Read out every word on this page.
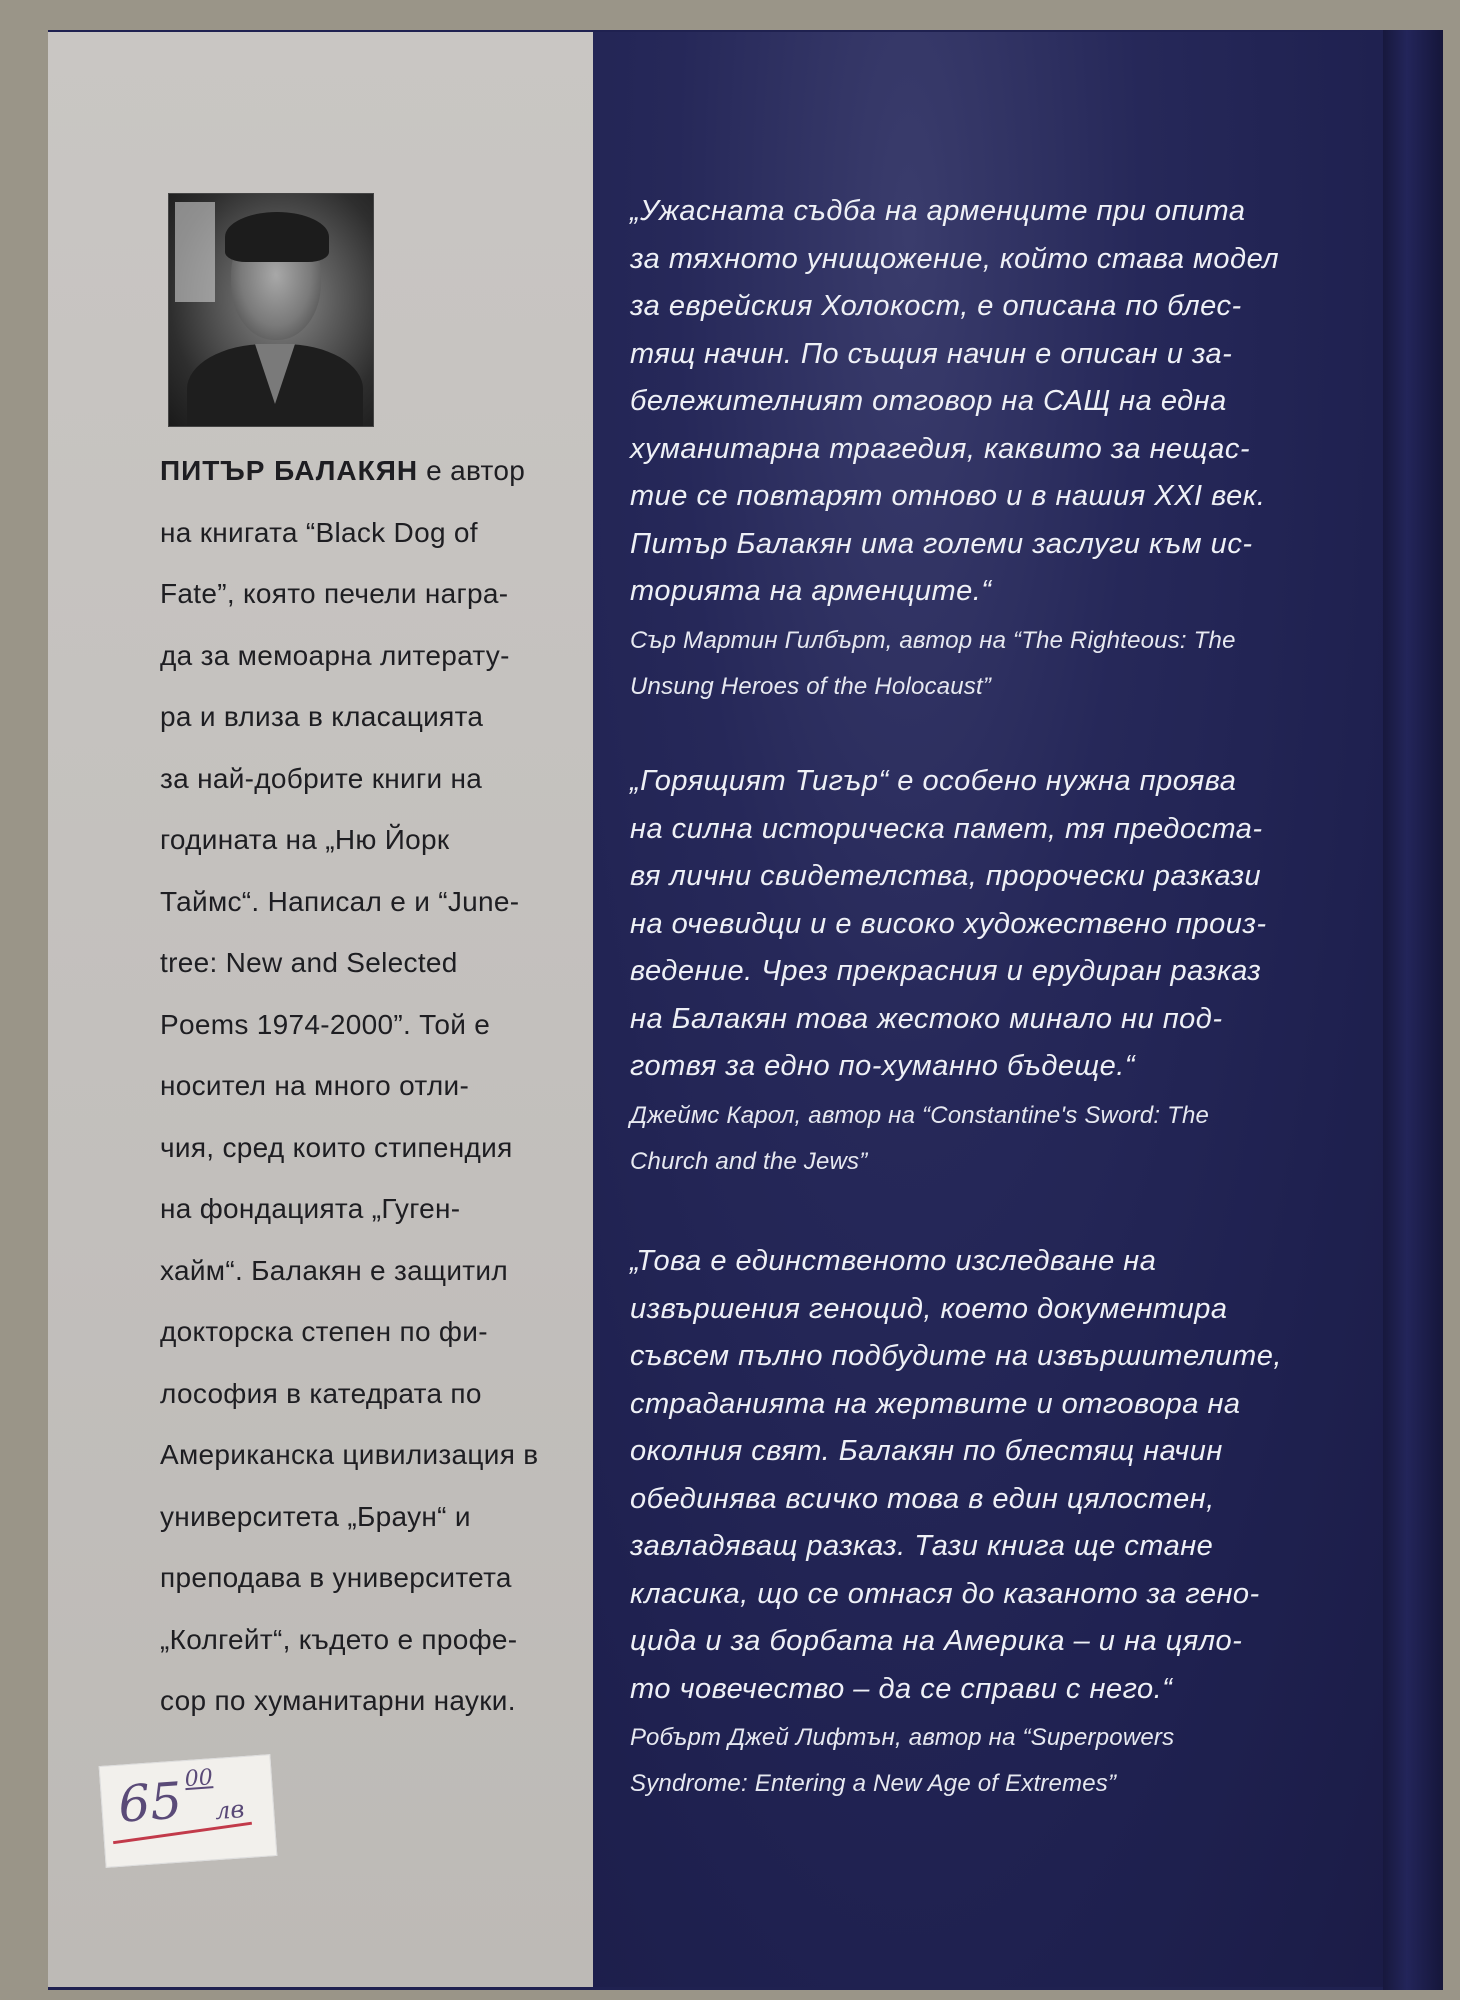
ПИТЪР БАЛАКЯН е автор
на книгата “Black Dog of
Fate”, която печели награ-
да за мемоарна литерату-
ра и влиза в класацията
за най-добрите книги на
годината на „Ню Йорк
Таймс“. Написал е и “June-
tree: New and Selected
Poems 1974-2000”. Той е
носител на много отли-
чия, сред които стипендия
на фондацията „Гуген-
хайм“. Балакян е защитил
докторска степен по фи-
лософия в катедрата по
Американска цивилизация в
университета „Браун“ и
преподава в университета
„Колгейт“, където е профе-
сор по хуманитарни науки.
65 00
лв
„Ужасната съдба на арменците при опита
за тяхното унищожение, който става модел
за еврейския Холокост, е описана по блес-
тящ начин. По същия начин е описан и за-
бележителният отговор на САЩ на една
хуманитарна трагедия, каквито за нещас-
тие се повтарят отново и в нашия XXI век.
Питър Балакян има големи заслуги към ис-
торията на арменците.“
Сър Мартин Гилбърт, автор на “The Righteous: The
Unsung Heroes of the Holocaust”
„Горящият Тигър“ е особено нужна проява
на силна историческа памет, тя предоста-
вя лични свидетелства, пророчески разкази
на очевидци и е високо художествено произ-
ведение. Чрез прекрасния и ерудиран разказ
на Балакян това жестоко минало ни под-
готвя за едно по-хуманно бъдеще.“
Джеймс Карол, автор на “Constantine's Sword: The
Church and the Jews”
„Това е единственото изследване на
извършения геноцид, което документира
съвсем пълно подбудите на извършителите,
страданията на жертвите и отговора на
околния свят. Балакян по блестящ начин
обединява всичко това в един цялостен,
завладяващ разказ. Тази книга ще стане
класика, що се отнася до казаното за гено-
цида и за борбата на Америка – и на цяло-
то човечество – да се справи с него.“
Робърт Джей Лифтън, автор на “Superpowers
Syndrome: Entering a New Age of Extremes”
